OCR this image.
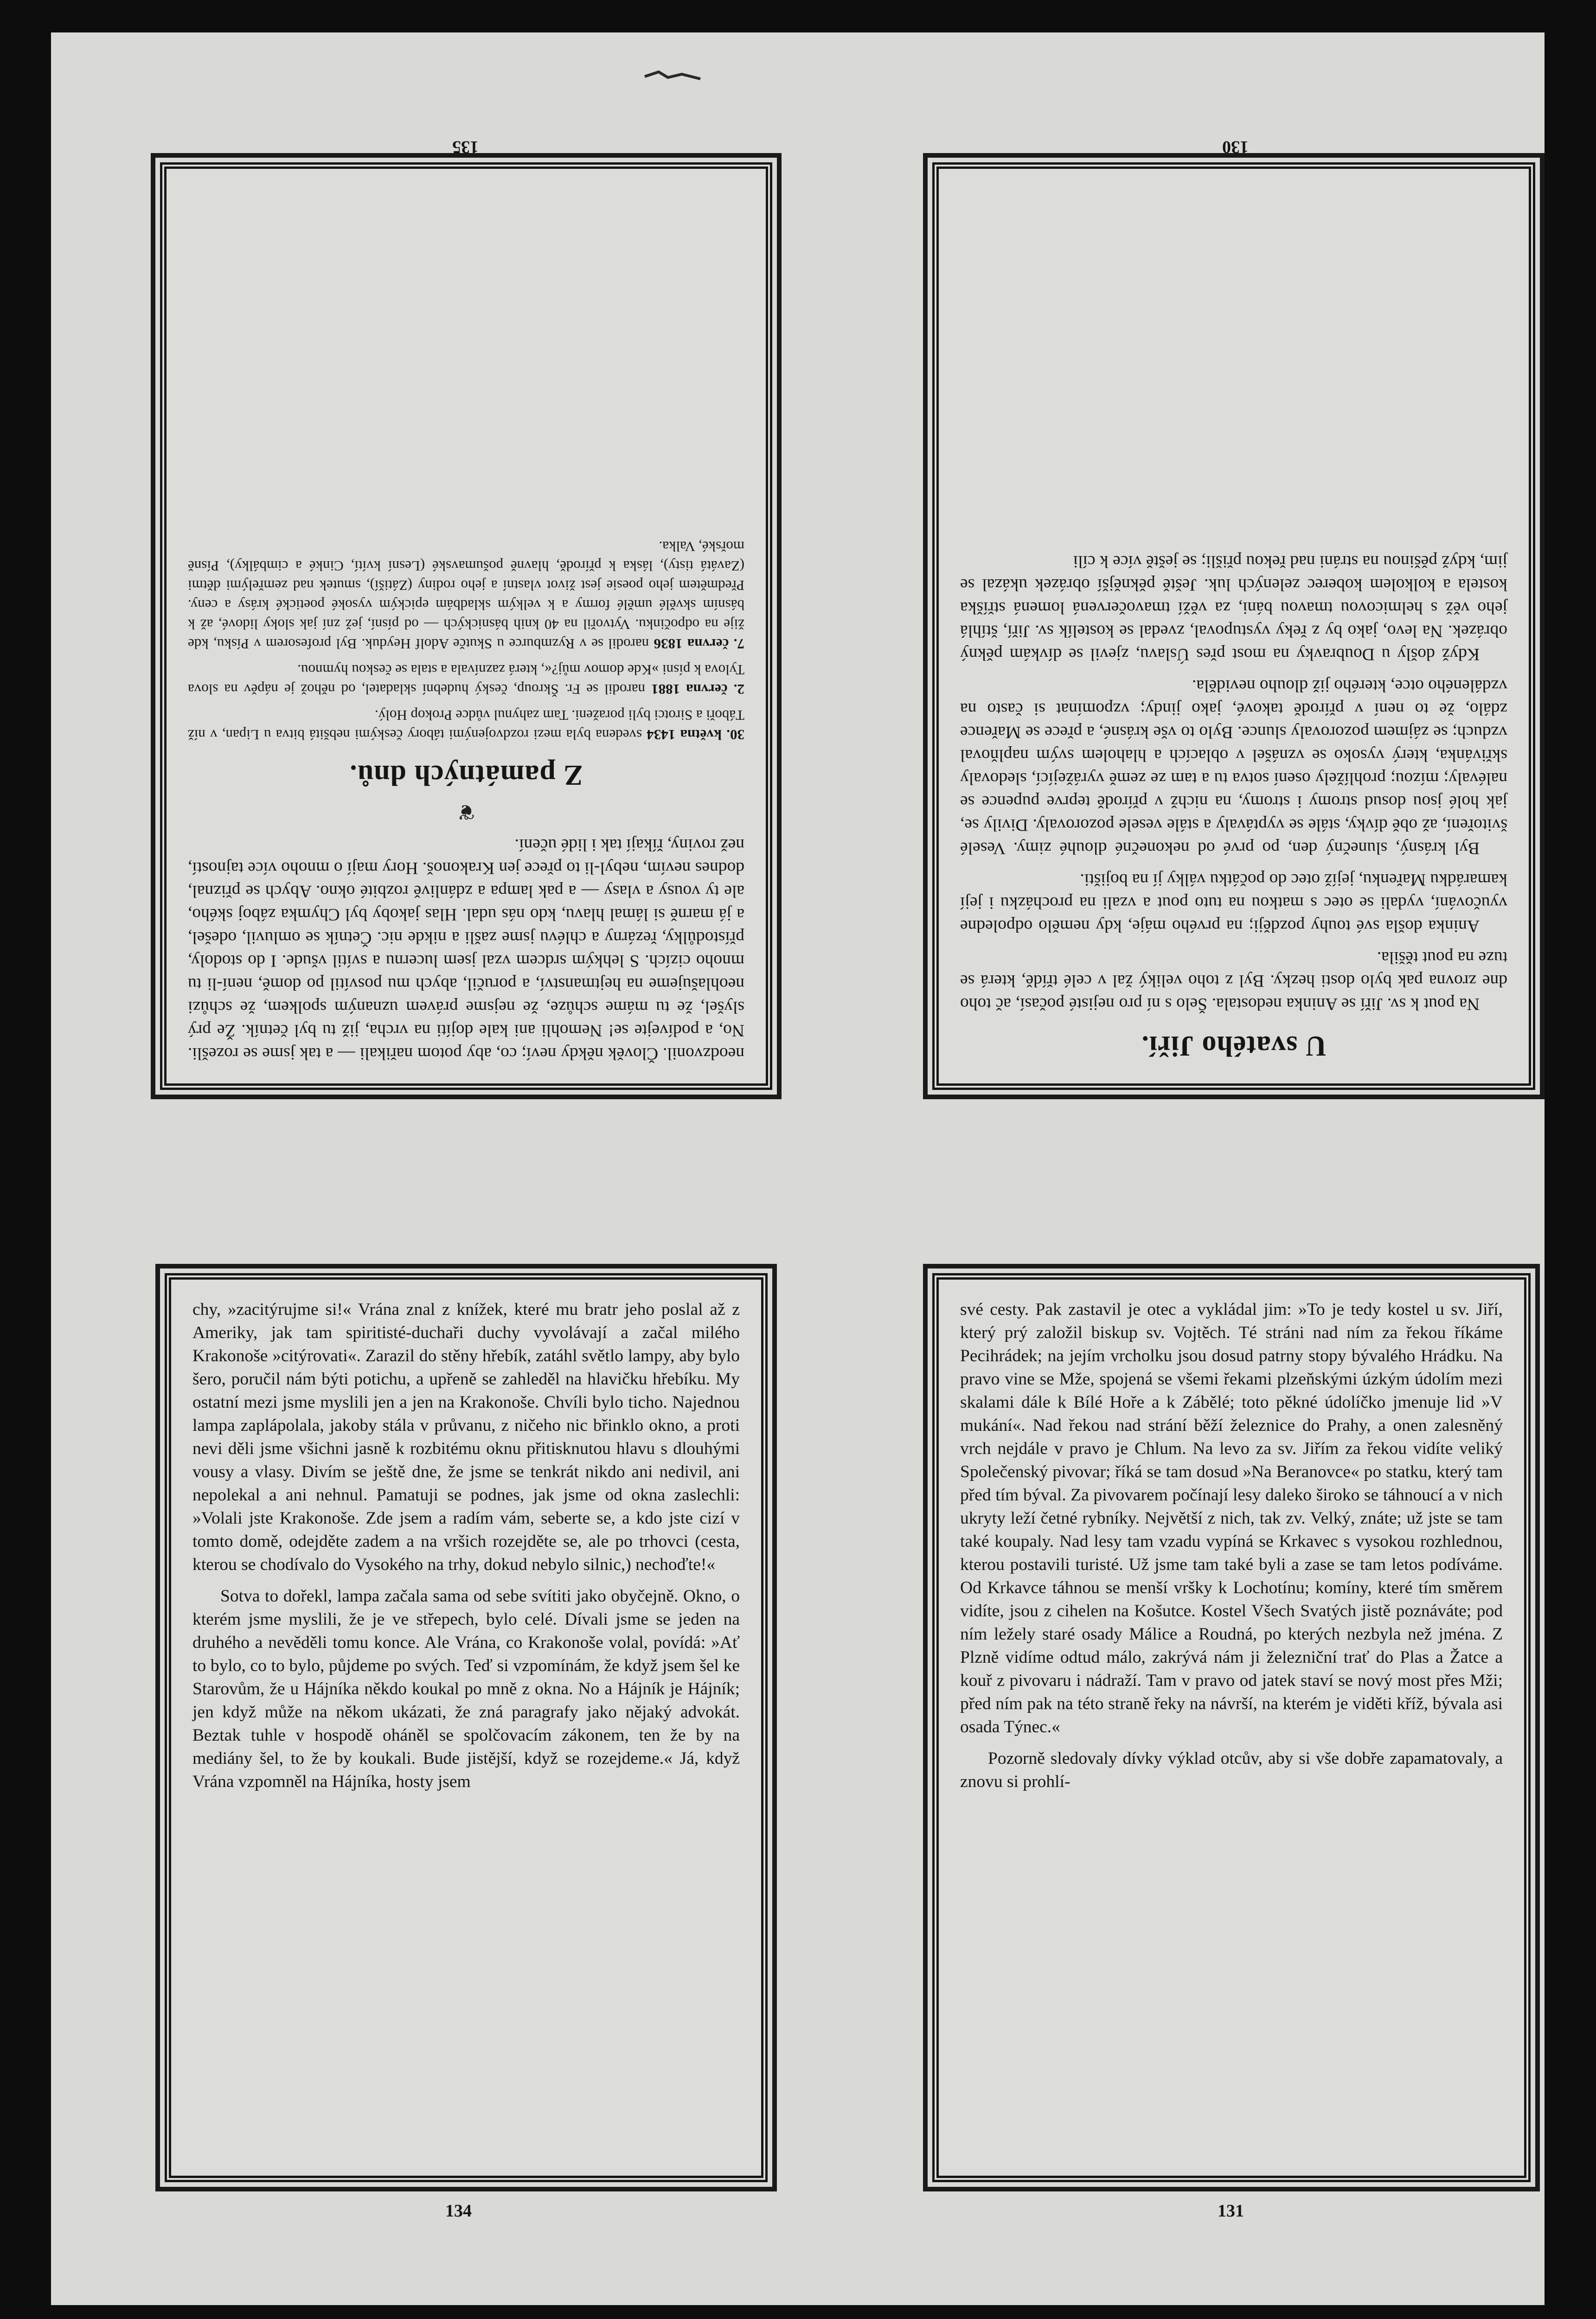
neodzvonil. Člověk někdy neví; co, aby potom nařikali — a tak jsme se rozešli. No, a podívejte se! Nemohli ani kale dojíti na vrcha, již tu byl četník. Že prý slyšel, že tu máme schůze, že nejsme právem uznaným spolkem, že schůzi neohlašujeme na hejtmanství, a poručil, abych mu posvítil po domě, není-li tu mnoho cizích. S lehkým srdcem vzal jsem lucernu a svítil všude. I do stodoly, přístodůlky, řezárny a chlévu jsme zašli a nikde nic. Četník se omluvil, odešel, a já marně si lámal hlavu, kdo nás udal. Hlas jakoby byl Chymka záboj ského, ale ty vousy a vlasy — a pak lampa a zdánlivě rozbité okno. Abych se přiznal, dodnes nevím, nebyl-li to přece jen Krakonoš. Hory mají o mnoho více tajností, než roviny, říkají tak i lidé učení.

❦
Z památných dnů.
30. května 1434 svedena byla mezi rozdvojenými tábory českými nebšitá bitva u Lipan, v níž Táboři a Sirotci byli poraženi. Tam zahynul vůdce Prokop Holý.
2. června 1881 narodil se Fr. Škroup, český hudební skladatel, od něhož je nápěv na slova Tylova k písni »Kde domov můj?«, která zaznívala a stala se českou hymnou.
7. června 1836 narodil se v Ryzmburce u Skutče Adolf Heyduk. Byl profesorem v Písku, kde žije na odpočinku. Vytvořil na 40 knih básnických — od písní, jež zní jak sloky lidové, až k básním skvělé umělé formy a k velkým skladbám epickým vysoké poetické krásy a ceny. Předmětem jeho poesie jest život vlastní a jeho rodiny (Zátiší), smutek nad zemřelými dětmi (Zavátá tisty), láska k přírodě, hlavně pošumavské (Lesní kvítí, Cinké a cimbálky), Písně mořské, Valka.
135
U svatého Jiří.

Na pout k sv. Jiří se Aninka nedostala. Šelo s ní pro nejisté počasí, ač toho dne zrovna pak bylo dosti hezky. Byl z toho veliký žal v celé třídě, která se tuze na pout těšila.

Aninka došla své touhy později; na prvého máje, kdy nemělo odpoledne vyučování, vydali se otec s matkou na tuto pout a vzali na procházku i její kamarádku Mařenku, jejíž otec do počátku války jí na bojišti.

Byl krásný, slunečný den, po prvé od nekonečné dlouhé zimy. Veselé švitoření, až obě dívky, stále se vyptávaly a stále vesele pozorovaly. Divily se, jak holé jsou dosud stromy i stromy, na nichž v přírodě teprve pupence se nalévaly; mízou; prohlížely osení sotva tu a tam ze země vyrážející, sledovaly skřivánka, který vysoko se vznášel v oblacích a hlaholem svým naplňoval vzduch; se zájmem pozorovaly slunce. Bylo to vše krásné, a přece se Mařence zdálo, že to není v přírodě takové, jako jindy; vzpomínat si často na vzdáleného otce, kterého již dlouho neviděla.

Když došly u Doubravky na most přes Úslavu, zjevil se dívkám pěkný obrázek. Na levo, jako by z řeky vystupoval, zvedal se kostelík sv. Jiří, štíhlá jeho věž s helmicovou tmavou báni, za věží tmavočervená lomená stříška kostela a kolkolem koberec zelených luk. Ještě pěknější obrázek ukázal se jim, když pěšinou na stráni nad řekou přišli; se ještě více k cíli

130

chy, »zacitýrujme si!« Vrána znal z knížek, které mu bratr jeho poslal až z Ameriky, jak tam spiritisté-duchaři duchy vyvolávají a začal milého Krakonoše »citýrovati«. Zarazil do stěny hřebík, zatáhl světlo lampy, aby bylo šero, poručil nám býti potichu, a upřeně se zahleděl na hlavičku hřebíku. My ostatní mezi jsme myslili jen a jen na Krakonoše. Chvíli bylo ticho. Najednou lampa zaplápolala, jakoby stála v průvanu, z ničeho nic břinklo okno, a proti nevi děli jsme všichni jasně k rozbitému oknu přitisknutou hlavu s dlouhými vousy a vlasy. Divím se ještě dne, že jsme se tenkrát nikdo ani nedivil, ani nepolekal a ani nehnul. Pamatuji se podnes, jak jsme od okna zaslechli: »Volali jste Krakonoše. Zde jsem a radím vám, seberte se, a kdo jste cizí v tomto domě, odejděte zadem a na vršich rozejděte se, ale po trhovci (cesta, kterou se chodívalo do Vysokého na trhy, dokud nebylo silnic,) nechoďte!«

Sotva to dořekl, lampa začala sama od sebe svítiti jako obyčejně. Okno, o kterém jsme myslili, že je ve střepech, bylo celé. Dívali jsme se jeden na druhého a nevěděli tomu konce. Ale Vrána, co Krakonoše volal, povídá: »Ať to bylo, co to bylo, půjdeme po svých. Teď si vzpomínám, že když jsem šel ke Starovům, že u Hájníka někdo koukal po mně z okna. No a Hájník je Hájník; jen když může na někom ukázati, že zná paragrafy jako nějaký advokát. Beztak tuhle v hospodě oháněl se spolčovacím zákonem, ten že by na mediány šel, to že by koukali. Bude jistější, když se rozejdeme.« Já, když Vrána vzpomněl na Hájníka, hosty jsem

134

své cesty. Pak zastavil je otec a vykládal jim: »To je tedy kostel u sv. Jiří, který prý založil biskup sv. Vojtěch. Té stráni nad ním za řekou říkáme Pecihrádek; na jejím vrcholku jsou dosud patrny stopy bývalého Hrádku. Na pravo vine se Mže, spojená se všemi řekami plzeňskými úzkým údolím mezi skalami dále k Bílé Hoře a k Zábělé; toto pěkné údolíčko jmenuje lid »V mukání«. Nad řekou nad strání běží železnice do Prahy, a onen zalesněný vrch nejdále v pravo je Chlum. Na levo za sv. Jiřím za řekou vidíte veliký Společenský pivovar; říká se tam dosud »Na Beranovce« po statku, který tam před tím býval. Za pivovarem počínají lesy daleko široko se táhnoucí a v nich ukryty leží četné rybníky. Největší z nich, tak zv. Velký, znáte; už jste se tam také koupaly. Nad lesy tam vzadu vypíná se Krkavec s vysokou rozhlednou, kterou postavili turisté. Už jsme tam také byli a zase se tam letos podíváme. Od Krkavce táhnou se menší vršky k Lochotínu; komíny, které tím směrem vidíte, jsou z cihelen na Košutce. Kostel Všech Svatých jistě poznáváte; pod ním ležely staré osady Málice a Roudná, po kterých nezbyla než jména. Z Plzně vidíme odtud málo, zakrývá nám ji železniční trať do Plas a Žatce a kouř z pivovaru i nádraží. Tam v pravo od jatek staví se nový most přes Mži; před ním pak na této straně řeky na návrší, na kterém je viděti kříž, bývala asi osada Týnec.«

Pozorně sledovaly dívky výklad otcův, aby si vše dobře zapamatovaly, a znovu si prohlí-

131
